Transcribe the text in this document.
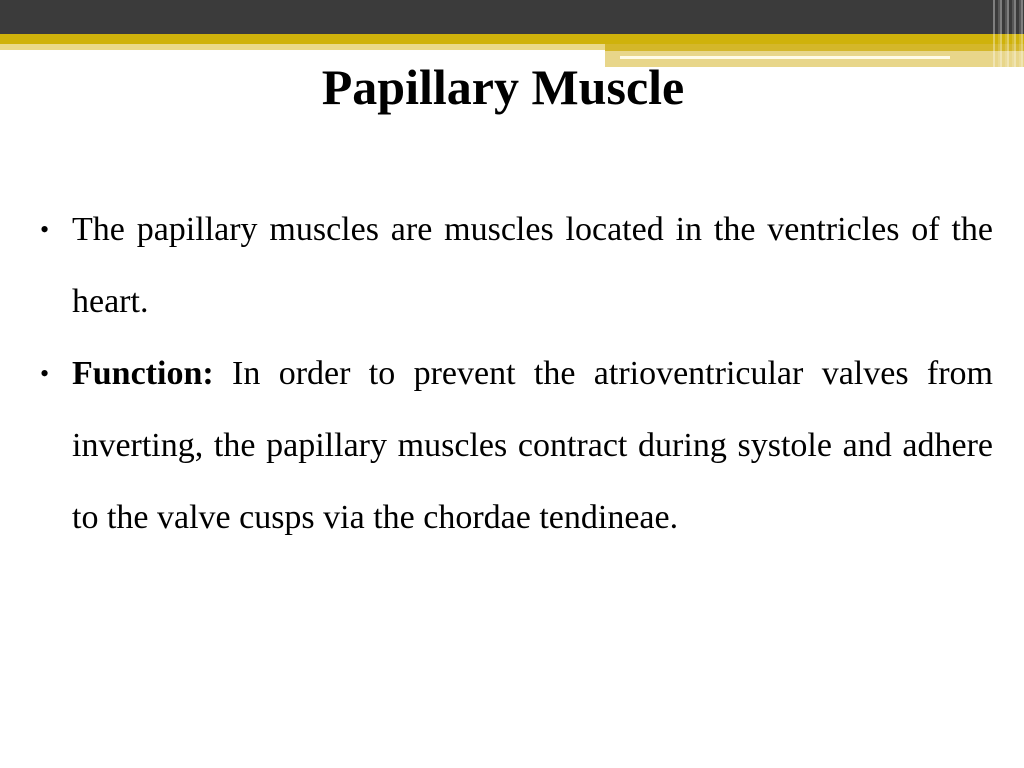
Papillary Muscle
• The papillary muscles are muscles located in the ventricles of the heart.
• Function: In order to prevent the atrioventricular valves from inverting, the papillary muscles contract during systole and adhere to the valve cusps via the chordae tendineae.
